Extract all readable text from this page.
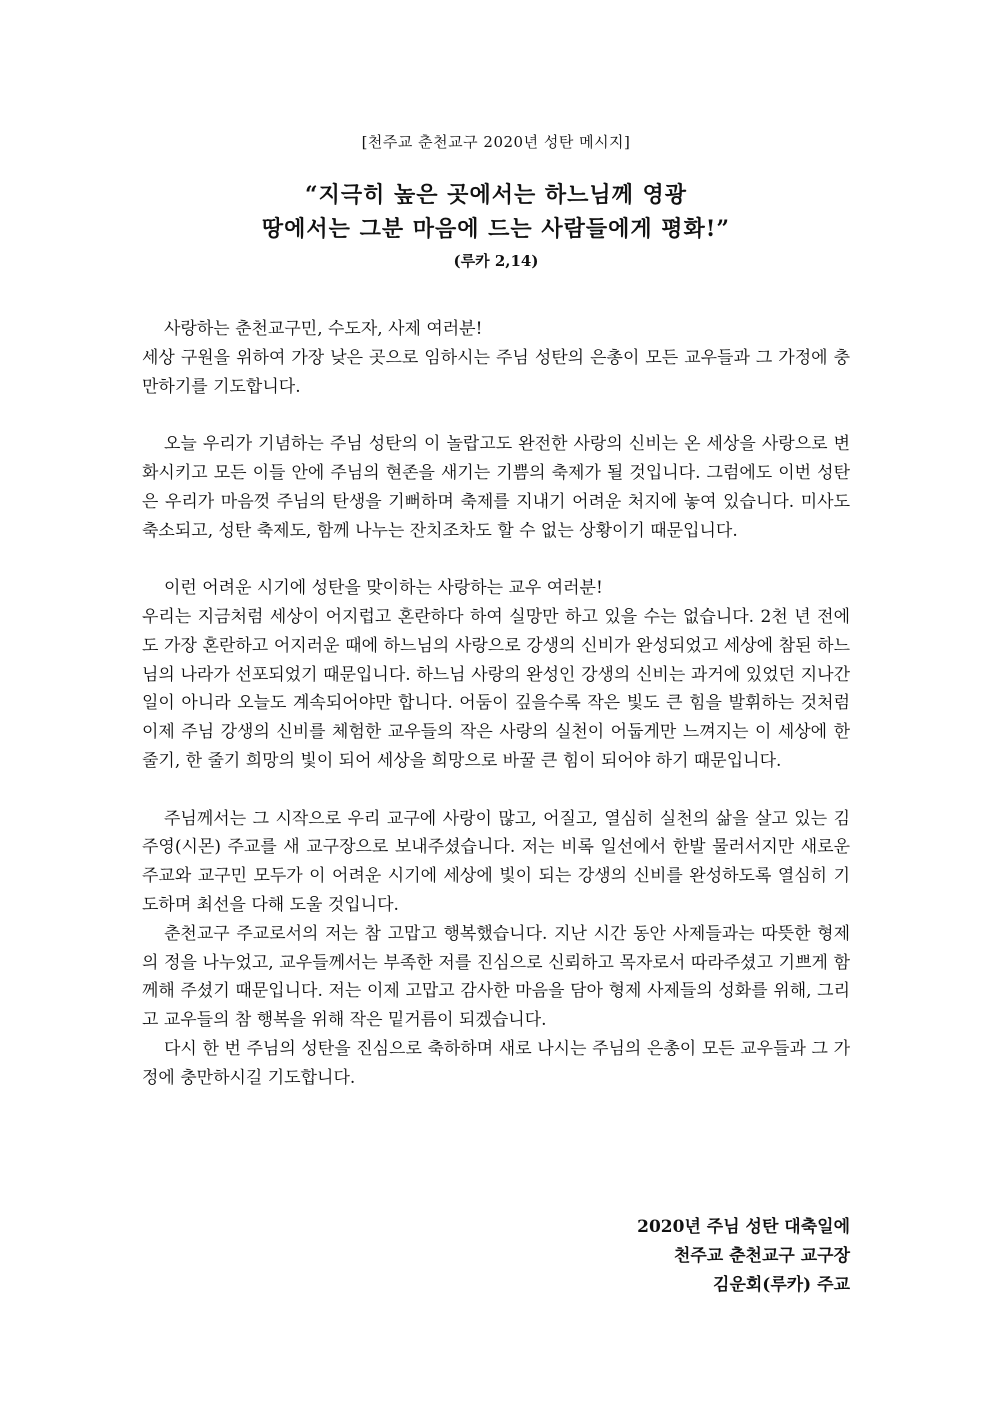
[천주교 춘천교구 2020년 성탄 메시지]
“지극히 높은 곳에서는 하느님께 영광
땅에서는 그분 마음에 드는 사람들에게 평화!”
(루카 2,14)

사랑하는 춘천교구민, 수도자, 사제 여러분!

세상 구원을 위하여 가장 낮은 곳으로 임하시는 주님 성탄의 은총이 모든 교우들과 그 가정에 충만하기를 기도합니다.

오늘 우리가 기념하는 주님 성탄의 이 놀랍고도 완전한 사랑의 신비는 온 세상을 사랑으로 변화시키고 모든 이들 안에 주님의 현존을 새기는 기쁨의 축제가 될 것입니다. 그럼에도 이번 성탄은 우리가 마음껏 주님의 탄생을 기뻐하며 축제를 지내기 어려운 처지에 놓여 있습니다. 미사도 축소되고, 성탄 축제도, 함께 나누는 잔치조차도 할 수 없는 상황이기 때문입니다.

이런 어려운 시기에 성탄을 맞이하는 사랑하는 교우 여러분!

우리는 지금처럼 세상이 어지럽고 혼란하다 하여 실망만 하고 있을 수는 없습니다. 2천 년 전에도 가장 혼란하고 어지러운 때에 하느님의 사랑으로 강생의 신비가 완성되었고 세상에 참된 하느님의 나라가 선포되었기 때문입니다. 하느님 사랑의 완성인 강생의 신비는 과거에 있었던 지나간 일이 아니라 오늘도 계속되어야만 합니다. 어둠이 깊을수록 작은 빛도 큰 힘을 발휘하는 것처럼 이제 주님 강생의 신비를 체험한 교우들의 작은 사랑의 실천이 어둡게만 느껴지는 이 세상에 한 줄기, 한 줄기 희망의 빛이 되어 세상을 희망으로 바꿀 큰 힘이 되어야 하기 때문입니다.

주님께서는 그 시작으로 우리 교구에 사랑이 많고, 어질고, 열심히 실천의 삶을 살고 있는 김주영(시몬) 주교를 새 교구장으로 보내주셨습니다. 저는 비록 일선에서 한발 물러서지만 새로운 주교와 교구민 모두가 이 어려운 시기에 세상에 빛이 되는 강생의 신비를 완성하도록 열심히 기도하며 최선을 다해 도울 것입니다.

춘천교구 주교로서의 저는 참 고맙고 행복했습니다. 지난 시간 동안 사제들과는 따뜻한 형제의 정을 나누었고, 교우들께서는 부족한 저를 진심으로 신뢰하고 목자로서 따라주셨고 기쁘게 함께해 주셨기 때문입니다. 저는 이제 고맙고 감사한 마음을 담아 형제 사제들의 성화를 위해, 그리고 교우들의 참 행복을 위해 작은 밑거름이 되겠습니다.

다시 한 번 주님의 성탄을 진심으로 축하하며 새로 나시는 주님의 은총이 모든 교우들과 그 가정에 충만하시길 기도합니다.

2020년 주님 성탄 대축일에
천주교 춘천교구 교구장
김운회(루카) 주교
